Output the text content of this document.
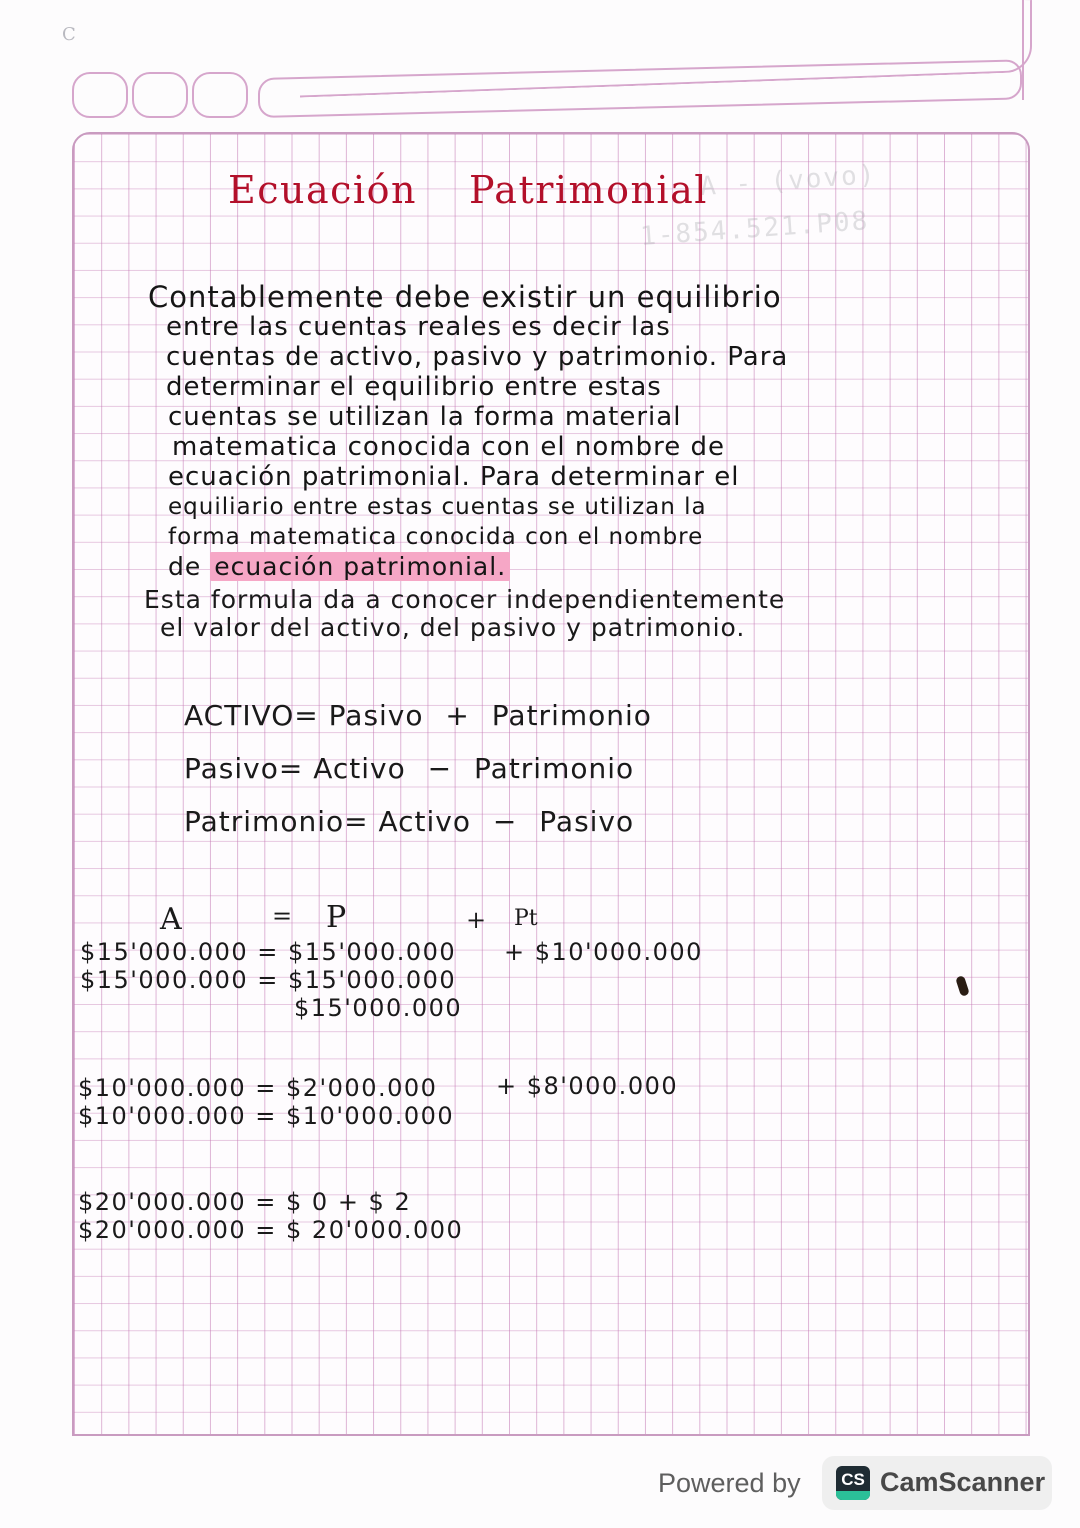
C
A - (vovo)
1-854.521.P08
Ecuación Patrimonial
Contablemente debe existir un equilibrio
entre las cuentas reales es decir las
cuentas de activo, pasivo y patrimonio. Para
determinar el equilibrio entre estas
cuentas se utilizan la forma material
matematica conocida con el nombre de
ecuación patrimonial. Para determinar el
equiliario entre estas cuentas se utilizan la
forma matematica conocida con el nombre
de ecuación patrimonial.
Esta formula da a conocer independientemente
el valor del activo, del pasivo y patrimonio.
ACTIVO= Pasivo + Patrimonio
Pasivo= Activo − Patrimonio
Patrimonio= Activo − Pasivo
A	= P	+ Pt
$15'000.000 = $15'000.000 + $10'000.000
$15'000.000 = $15'000.000
$15'000.000
$10'000.000 = $2'000.000 + $8'000.000
$10'000.000 = $10'000.000
$20'000.000 = $ 0 + $ 2
$20'000.000 = $ 20'000.000
Powered by	CS CamScanner
